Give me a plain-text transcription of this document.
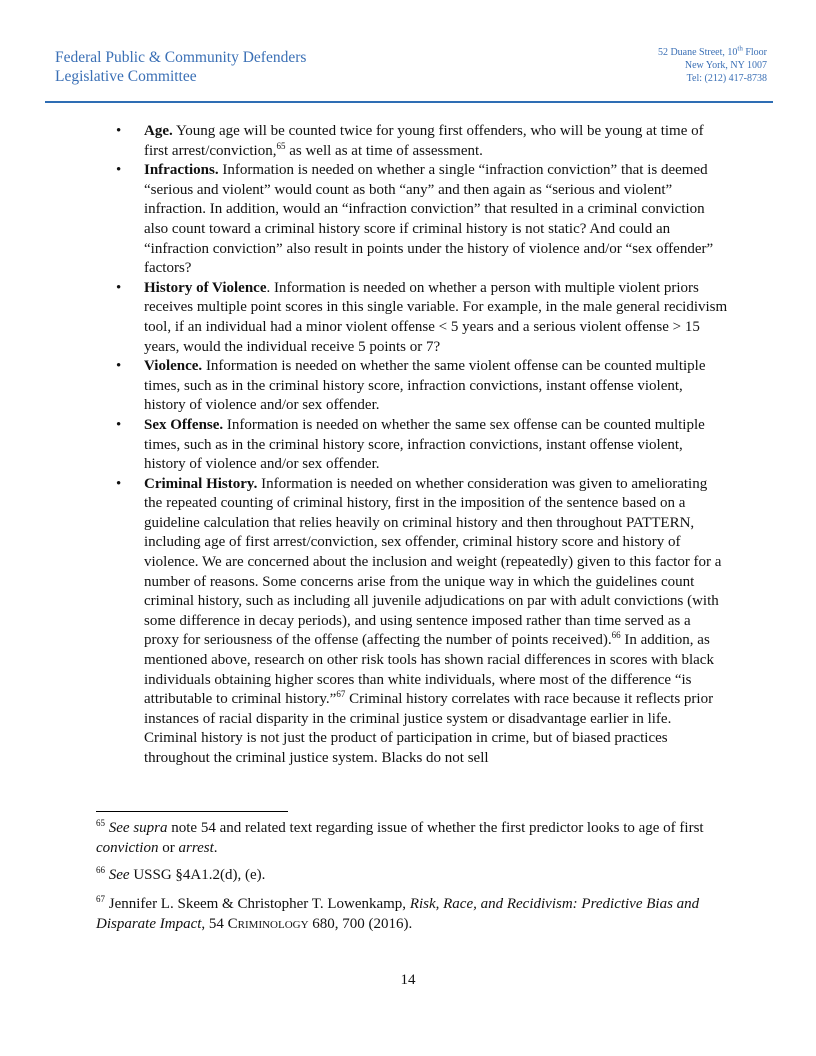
Federal Public & Community Defenders
Legislative Committee
52 Duane Street, 10th Floor
New York, NY 1007
Tel: (212) 417-8738
• Age. Young age will be counted twice for young first offenders, who will be young at time of first arrest/conviction,$^{65}$ as well as at time of assessment.
• Infractions. Information is needed on whether a single “infraction conviction” that is deemed “serious and violent” would count as both “any” and then again as “serious and violent” infraction. In addition, would an “infraction conviction” that resulted in a criminal conviction also count toward a criminal history score if criminal history is not static? And could an “infraction conviction” also result in points under the history of violence and/or “sex offender” factors?
• History of Violence. Information is needed on whether a person with multiple violent priors receives multiple point scores in this single variable. For example, in the male general recidivism tool, if an individual had a minor violent offense < 5 years and a serious violent offense > 15 years, would the individual receive 5 points or 7?
• Violence. Information is needed on whether the same violent offense can be counted multiple times, such as in the criminal history score, infraction convictions, instant offense violent, history of violence and/or sex offender.
• Sex Offense. Information is needed on whether the same sex offense can be counted multiple times, such as in the criminal history score, infraction convictions, instant offense violent, history of violence and/or sex offender.
• Criminal History. Information is needed on whether consideration was given to ameliorating the repeated counting of criminal history, first in the imposition of the sentence based on a guideline calculation that relies heavily on criminal history and then throughout PATTERN, including age of first arrest/conviction, sex offender, criminal history score and history of violence. We are concerned about the inclusion and weight (repeatedly) given to this factor for a number of reasons. Some concerns arise from the unique way in which the guidelines count criminal history, such as including all juvenile adjudications on par with adult convictions (with some difference in decay periods), and using sentence imposed rather than time served as a proxy for seriousness of the offense (affecting the number of points received).$^{66}$ In addition, as mentioned above, research on other risk tools has shown racial differences in scores with black individuals obtaining higher scores than white individuals, where most of the difference “is attributable to criminal history.”$^{67}$ Criminal history correlates with race because it reflects prior instances of racial disparity in the criminal justice system or disadvantage earlier in life. Criminal history is not just the product of participation in crime, but of biased practices throughout the criminal justice system. Blacks do not sell
$^{65}$ See supra note 54 and related text regarding issue of whether the first predictor looks to age of first conviction or arrest.
$^{66}$ See USSG §4A1.2(d), (e).
$^{67}$ Jennifer L. Skeem & Christopher T. Lowenkamp, Risk, Race, and Recidivism: Predictive Bias and Disparate Impact, 54 Criminology 680, 700 (2016).
14
